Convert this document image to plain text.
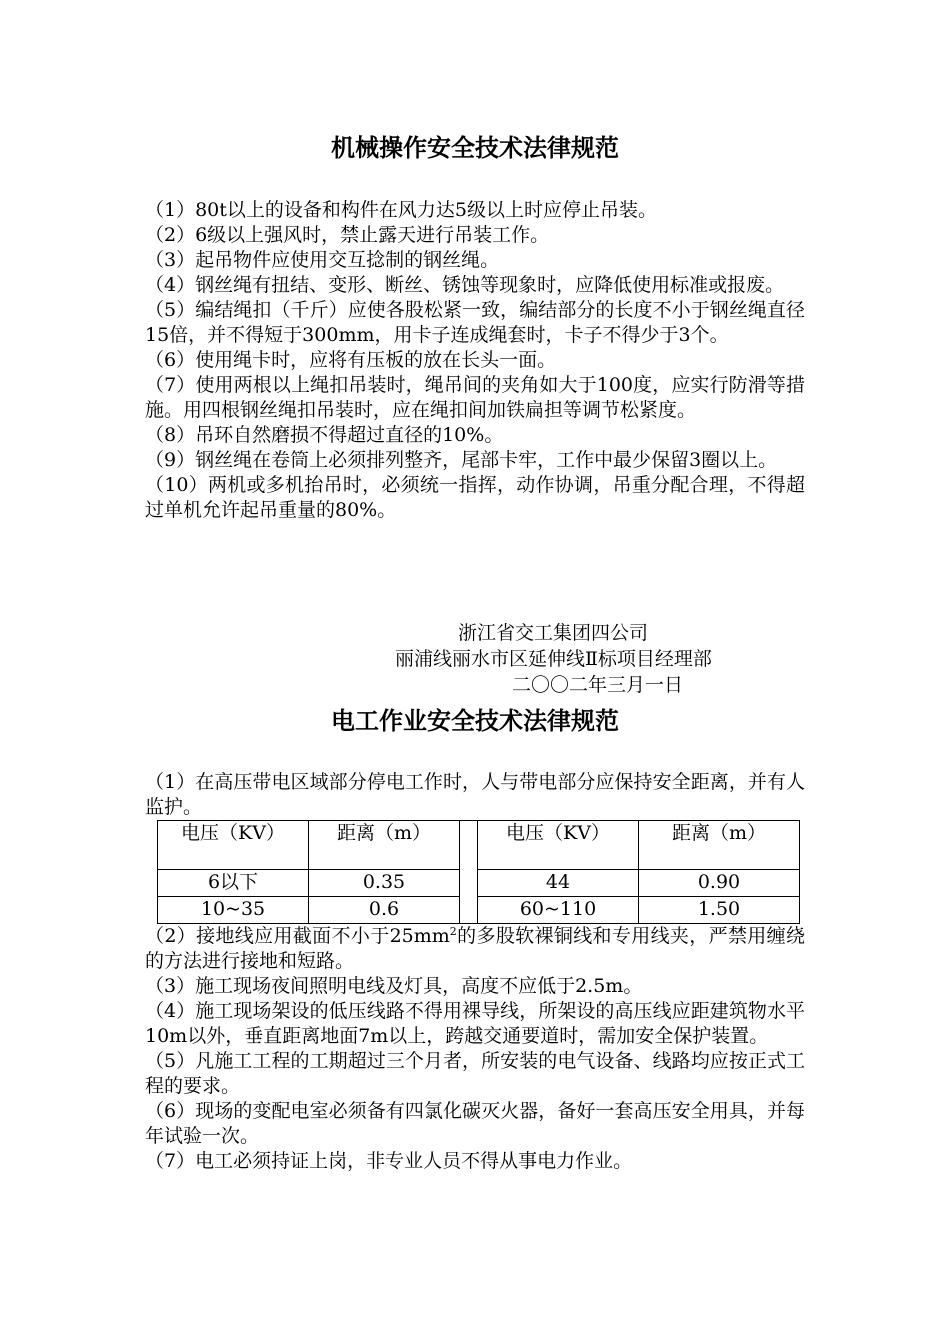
机械操作安全技术法律规范

（1）80t以上的设备和构件在风力达5级以上时应停止吊装。

（2）6级以上强风时，禁止露天进行吊装工作。

（3）起吊物件应使用交互捻制的钢丝绳。

（4）钢丝绳有扭结、变形、断丝、锈蚀等现象时，应降低使用标准或报废。

（5）编结绳扣（千斤）应使各股松紧一致，编结部分的长度不小于钢丝绳直径15倍，并不得短于300mm，用卡子连成绳套时，卡子不得少于3个。

（6）使用绳卡时，应将有压板的放在长头一面。

（7）使用两根以上绳扣吊装时，绳吊间的夹角如大于100度，应实行防滑等措施。用四根钢丝绳扣吊装时，应在绳扣间加铁扁担等调节松紧度。

（8）吊环自然磨损不得超过直径的10%。

（9）钢丝绳在卷筒上必须排列整齐，尾部卡牢，工作中最少保留3圈以上。

（10）两机或多机抬吊时，必须统一指挥，动作协调，吊重分配合理，不得超过单机允许起吊重量的80%。

浙江省交工集团四公司
丽浦线丽水市区延伸线Ⅱ标项目经理部
二〇〇二年三月一日
电工作业安全技术法律规范

（1）在高压带电区域部分停电工作时，人与带电部分应保持安全距离，并有人监护。

电压（KV）	距离（m）		电压（KV）	距离（m）
6以下	0.35		44	0.90
10~35	0.6		60~110	1.50

（2）接地线应用截面不小于$25mm^2$的多股软裸铜线和专用线夹，严禁用缠绕的方法进行接地和短路。

（3）施工现场夜间照明电线及灯具，高度不应低于2.5m。

（4）施工现场架设的低压线路不得用裸导线，所架设的高压线应距建筑物水平10m以外，垂直距离地面7m以上，跨越交通要道时，需加安全保护装置。

（5）凡施工工程的工期超过三个月者，所安装的电气设备、线路均应按正式工程的要求。

（6）现场的变配电室必须备有四氯化碳灭火器，备好一套高压安全用具，并每年试验一次。

（7）电工必须持证上岗，非专业人员不得从事电力作业。
